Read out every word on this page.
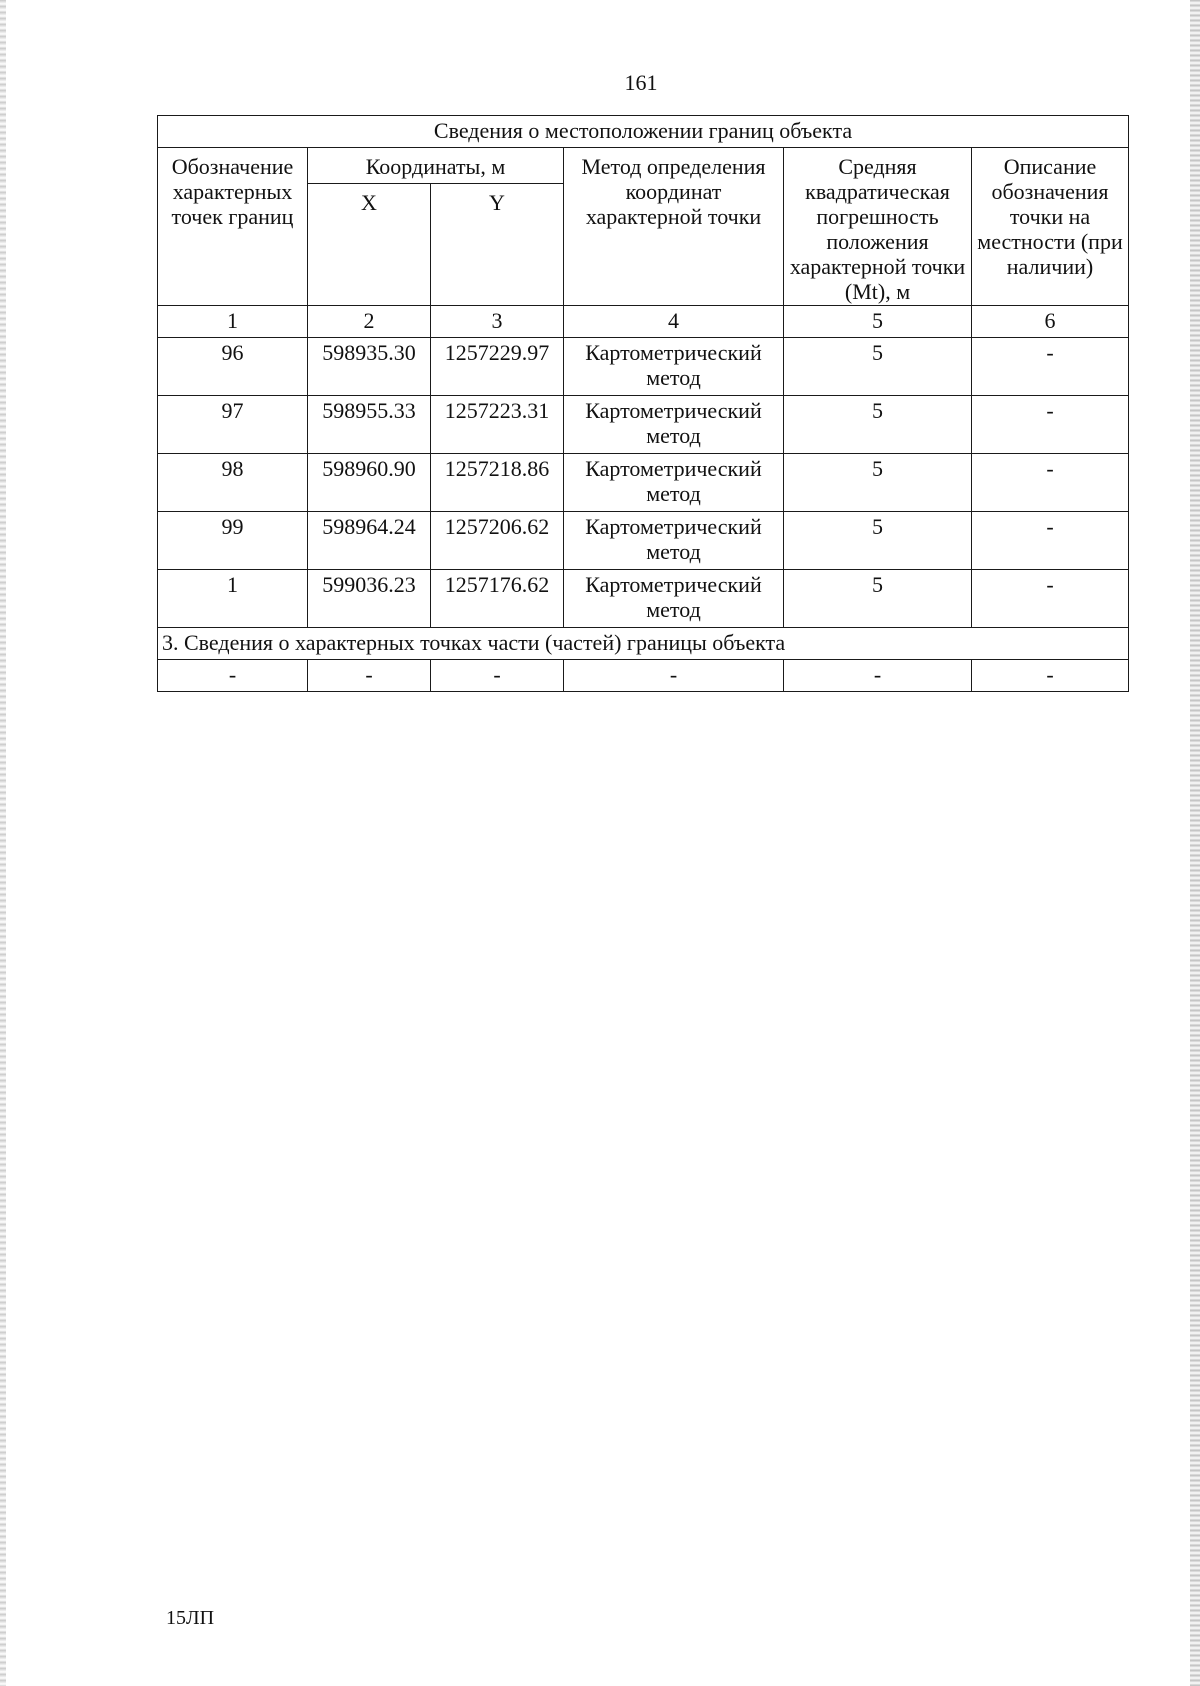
161
Сведения о местоположении границ объекта					
Обозначение характерных точек границ	Координаты, м		Метод определения координат характерной точки	Средняя квадратическая погрешность положения характерной точки (Mt), м	Описание обозначения точки на местности (при наличии)
	X	Y			
1	2	3	4	5	6
96	598935.30	1257229.97	Картометрический метод	5	-
97	598955.33	1257223.31	Картометрический метод	5	-
98	598960.90	1257218.86	Картометрический метод	5	-
99	598964.24	1257206.62	Картометрический метод	5	-
1	599036.23	1257176.62	Картометрический метод	5	-
3. Сведения о характерных точках части (частей) границы объекта					
-	-	-	-	-	-
15ЛП
